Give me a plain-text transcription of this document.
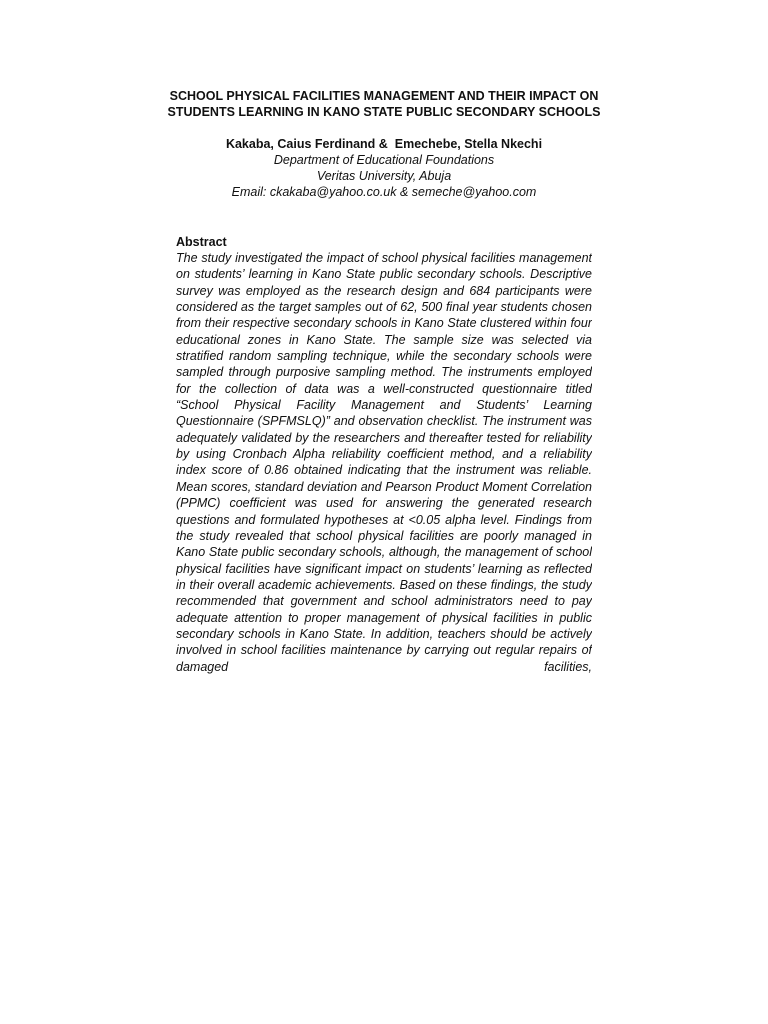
SCHOOL PHYSICAL FACILITIES MANAGEMENT AND THEIR IMPACT ON
STUDENTS LEARNING IN KANO STATE PUBLIC SECONDARY SCHOOLS
Kakaba, Caius Ferdinand &  Emechebe, Stella Nkechi
Department of Educational Foundations
Veritas University, Abuja
Email: ckakaba@yahoo.co.uk & semeche@yahoo.com
Abstract

The study investigated the impact of school physical facilities management on students’ learning in Kano State public secondary schools. Descriptive survey was employed as the research design and 684 participants were considered as the target samples out of 62, 500 final year students chosen from their respective secondary schools in Kano State clustered within four educational zones in Kano State. The sample size was selected via stratified random sampling technique, while the secondary schools were sampled through purposive sampling method. The instruments employed for the collection of data was a well-constructed questionnaire titled “School Physical Facility Management and Students’ Learning Questionnaire (SPFMSLQ)” and observation checklist. The instrument was adequately validated by the researchers and thereafter tested for reliability by using Cronbach Alpha reliability coefficient method, and a reliability index score of 0.86 obtained indicating that the instrument was reliable. Mean scores, standard deviation and Pearson Product Moment Correlation (PPMC) coefficient was used for answering the generated research questions and formulated hypotheses at <0.05 alpha level. Findings from the study revealed that school physical facilities are poorly managed in Kano State public secondary schools, although, the management of school physical facilities have significant impact on students’ learning as reflected in their overall academic achievements. Based on these findings, the study recommended that government and school administrators need to pay adequate attention to proper management of physical facilities in public secondary schools in Kano State. In addition, teachers should be actively involved in school facilities maintenance by carrying out regular repairs of damaged facilities,
